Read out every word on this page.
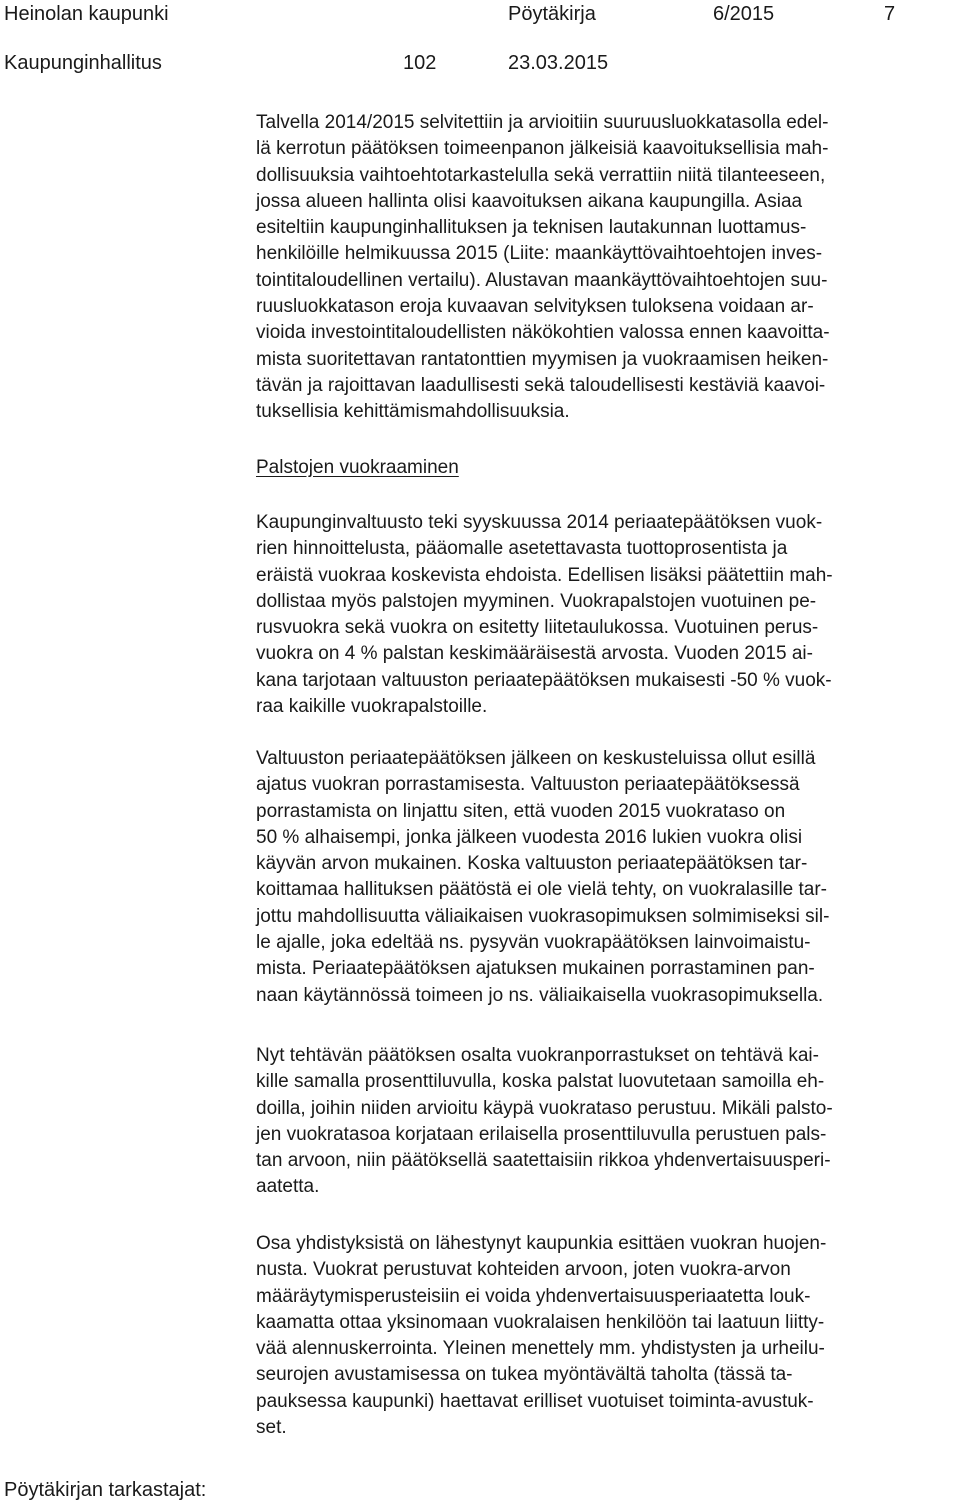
Heinolan kaupunki	Pöytäkirja	6/2015	7
Kaupunginhallitus	102	23.03.2015

Talvella 2014/2015 selvitettiin ja arvioitiin suuruusluokkatasolla edel-
lä kerrotun päätöksen toimeenpanon jälkeisiä kaavoituksellisia mah-
dollisuuksia vaihtoehtotarkastelulla sekä verrattiin niitä tilanteeseen,
jossa alueen hallinta olisi kaavoituksen aikana kaupungilla. Asiaa
esiteltiin kaupunginhallituksen ja teknisen lautakunnan luottamus-
henkilöille helmikuussa 2015 (Liite: maankäyttövaihtoehtojen inves-
tointitaloudellinen vertailu). Alustavan maankäyttövaihtoehtojen suu-
ruusluokkatason eroja kuvaavan selvityksen tuloksena voidaan ar-
vioida investointitaloudellisten näkökohtien valossa ennen kaavoitta-
mista suoritettavan rantatonttien myymisen ja vuokraamisen heiken-
tävän ja rajoittavan laadullisesti sekä taloudellisesti kestäviä kaavoi-
tuksellisia kehittämismahdollisuuksia.

Palstojen vuokraaminen

Kaupunginvaltuusto teki syyskuussa 2014 periaatepäätöksen vuok-
rien hinnoittelusta, pääomalle asetettavasta tuottoprosentista ja
eräistä vuokraa koskevista ehdoista. Edellisen lisäksi päätettiin mah-
dollistaa myös palstojen myyminen. Vuokrapalstojen vuotuinen pe-
rusvuokra sekä vuokra on esitetty liitetaulukossa. Vuotuinen perus-
vuokra on 4 % palstan keskimääräisestä arvosta. Vuoden 2015 ai-
kana tarjotaan valtuuston periaatepäätöksen mukaisesti -50 % vuok-
raa kaikille vuokrapalstoille.

Valtuuston periaatepäätöksen jälkeen on keskusteluissa ollut esillä
ajatus vuokran porrastamisesta. Valtuuston periaatepäätöksessä
porrastamista on linjattu siten, että vuoden 2015 vuokrataso on
50 % alhaisempi, jonka jälkeen vuodesta 2016 lukien vuokra olisi
käyvän arvon mukainen. Koska valtuuston periaatepäätöksen tar-
koittamaa hallituksen päätöstä ei ole vielä tehty, on vuokralasille tar-
jottu mahdollisuutta väliaikaisen vuokrasopimuksen solmimiseksi sil-
le ajalle, joka edeltää ns. pysyvän vuokrapäätöksen lainvoimaistu-
mista. Periaatepäätöksen ajatuksen mukainen porrastaminen pan-
naan käytännössä toimeen jo ns. väliaikaisella vuokrasopimuksella.

Nyt tehtävän päätöksen osalta vuokranporrastukset on tehtävä kai-
kille samalla prosenttiluvulla, koska palstat luovutetaan samoilla eh-
doilla, joihin niiden arvioitu käypä vuokrataso perustuu. Mikäli palsto-
jen vuokratasoa korjataan erilaisella prosenttiluvulla perustuen pals-
tan arvoon, niin päätöksellä saatettaisiin rikkoa yhdenvertaisuusperi-
aatetta.

Osa yhdistyksistä on lähestynyt kaupunkia esittäen vuokran huojen-
nusta. Vuokrat perustuvat kohteiden arvoon, joten vuokra-arvon
määräytymisperusteisiin ei voida yhdenvertaisuusperiaatetta louk-
kaamatta ottaa yksinomaan vuokralaisen henkilöön tai laatuun liitty-
vää alennuskerrointa. Yleinen menettely mm. yhdistysten ja urheilu-
seurojen avustamisessa on tukea myöntävältä taholta (tässä ta-
pauksessa kaupunki) haettavat erilliset vuotuiset toiminta-avustuk-
set.

Pöytäkirjan tarkastajat:
